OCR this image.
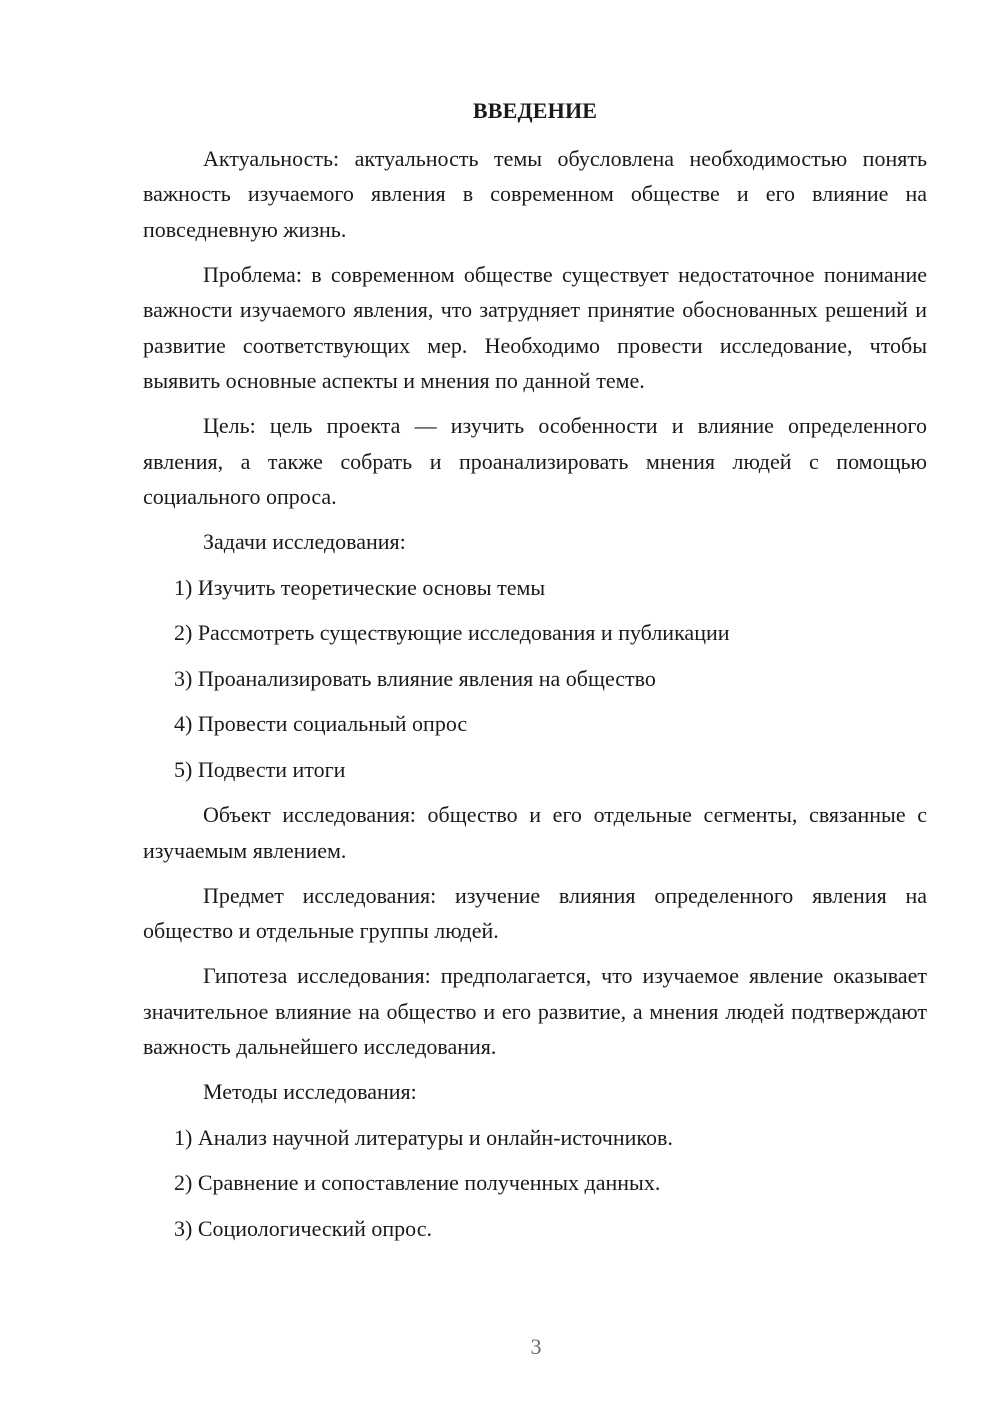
ВВЕДЕНИЕ

Актуальность: актуальность темы обусловлена необходимостью понять важность изучаемого явления в современном обществе и его влияние на повседневную жизнь.

Проблема: в современном обществе существует недостаточное понимание важности изучаемого явления, что затрудняет принятие обоснованных решений и развитие соответствующих мер. Необходимо провести исследование, чтобы выявить основные аспекты и мнения по данной теме.

Цель: цель проекта — изучить особенности и влияние определенного явления, а также собрать и проанализировать мнения людей с помощью социального опроса.

Задачи исследования:
1) Изучить теоретические основы темы
2) Рассмотреть существующие исследования и публикации
3) Проанализировать влияние явления на общество
4) Провести социальный опрос
5) Подвести итоги

Объект исследования: общество и его отдельные сегменты, связанные с изучаемым явлением.

Предмет исследования: изучение влияния определенного явления на общество и отдельные группы людей.

Гипотеза исследования: предполагается, что изучаемое явление оказывает значительное влияние на общество и его развитие, а мнения людей подтверждают важность дальнейшего исследования.

Методы исследования:
1) Анализ научной литературы и онлайн-источников.
2) Сравнение и сопоставление полученных данных.
3) Социологический опрос.
3
